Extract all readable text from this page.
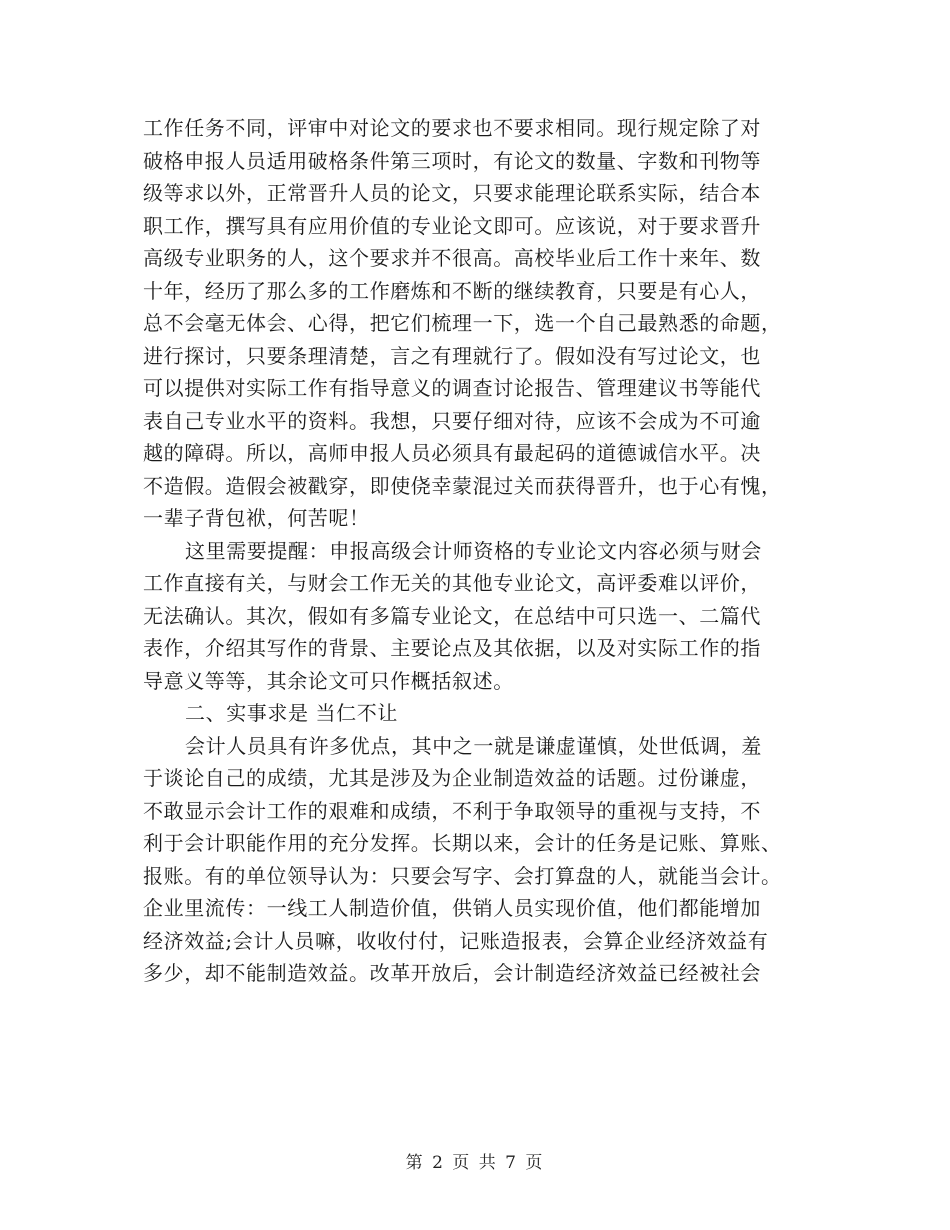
工作任务不同，评审中对论文的要求也不要求相同。现行规定除了对
破格申报人员适用破格条件第三项时，有论文的数量、字数和刊物等
级等求以外，正常晋升人员的论文，只要求能理论联系实际，结合本
职工作，撰写具有应用价值的专业论文即可。应该说，对于要求晋升
高级专业职务的人，这个要求并不很高。高校毕业后工作十来年、数
十年，经历了那么多的工作磨炼和不断的继续教育，只要是有心人，
总不会毫无体会、心得，把它们梳理一下，选一个自己最熟悉的命题，
进行探讨，只要条理清楚，言之有理就行了。假如没有写过论文，也
可以提供对实际工作有指导意义的调查讨论报告、管理建议书等能代
表自己专业水平的资料。我想，只要仔细对待，应该不会成为不可逾
越的障碍。所以，高师申报人员必须具有最起码的道德诚信水平。决
不造假。造假会被戳穿，即使侥幸蒙混过关而获得晋升，也于心有愧，
一辈子背包袱，何苦呢！
这里需要提醒：申报高级会计师资格的专业论文内容必须与财会
工作直接有关，与财会工作无关的其他专业论文，高评委难以评价，
无法确认。其次，假如有多篇专业论文，在总结中可只选一、二篇代
表作，介绍其写作的背景、主要论点及其依据，以及对实际工作的指
导意义等等，其余论文可只作概括叙述。
二、实事求是 当仁不让
会计人员具有许多优点，其中之一就是谦虚谨慎，处世低调，羞
于谈论自己的成绩，尤其是涉及为企业制造效益的话题。过份谦虚，
不敢显示会计工作的艰难和成绩，不利于争取领导的重视与支持，不
利于会计职能作用的充分发挥。长期以来，会计的任务是记账、算账、
报账。有的单位领导认为：只要会写字、会打算盘的人，就能当会计。
企业里流传：一线工人制造价值，供销人员实现价值，他们都能增加
经济效益;会计人员嘛，收收付付，记账造报表，会算企业经济效益有
多少，却不能制造效益。改革开放后，会计制造经济效益已经被社会
第 2 页 共 7 页
